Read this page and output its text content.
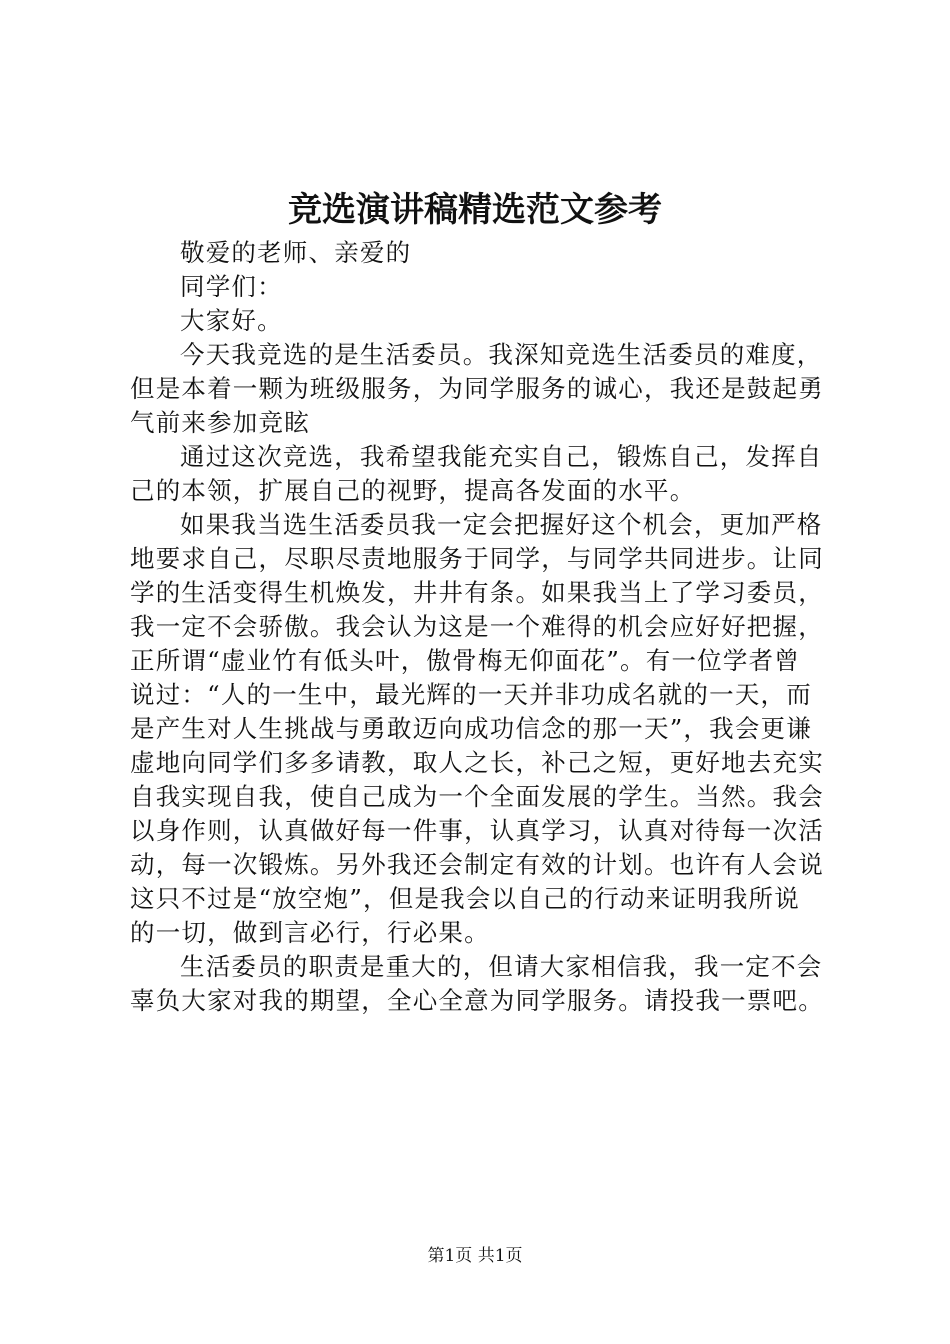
竞选演讲稿精选范文参考
敬爱的老师、亲爱的
同学们：
大家好。
今天我竞选的是生活委员。我深知竞选生活委员的难度，
但是本着一颗为班级服务，为同学服务的诚心，我还是鼓起勇
气前来参加竞眩
通过这次竞选，我希望我能充实自己，锻炼自己，发挥自
己的本领，扩展自己的视野，提高各发面的水平。
如果我当选生活委员我一定会把握好这个机会，更加严格
地要求自己，尽职尽责地服务于同学，与同学共同进步。让同
学的生活变得生机焕发，井井有条。如果我当上了学习委员，
我一定不会骄傲。我会认为这是一个难得的机会应好好把握，
正所谓“虚业竹有低头叶，傲骨梅无仰面花”。有一位学者曾
说过：“人的一生中，最光辉的一天并非功成名就的一天，而
是产生对人生挑战与勇敢迈向成功信念的那一天”，我会更谦
虚地向同学们多多请教，取人之长，补己之短，更好地去充实
自我实现自我，使自己成为一个全面发展的学生。当然。我会
以身作则，认真做好每一件事，认真学习，认真对待每一次活
动，每一次锻炼。另外我还会制定有效的计划。也许有人会说
这只不过是“放空炮”，但是我会以自己的行动来证明我所说
的一切，做到言必行，行必果。
生活委员的职责是重大的，但请大家相信我，我一定不会
辜负大家对我的期望，全心全意为同学服务。请投我一票吧。
第1页 共1页
